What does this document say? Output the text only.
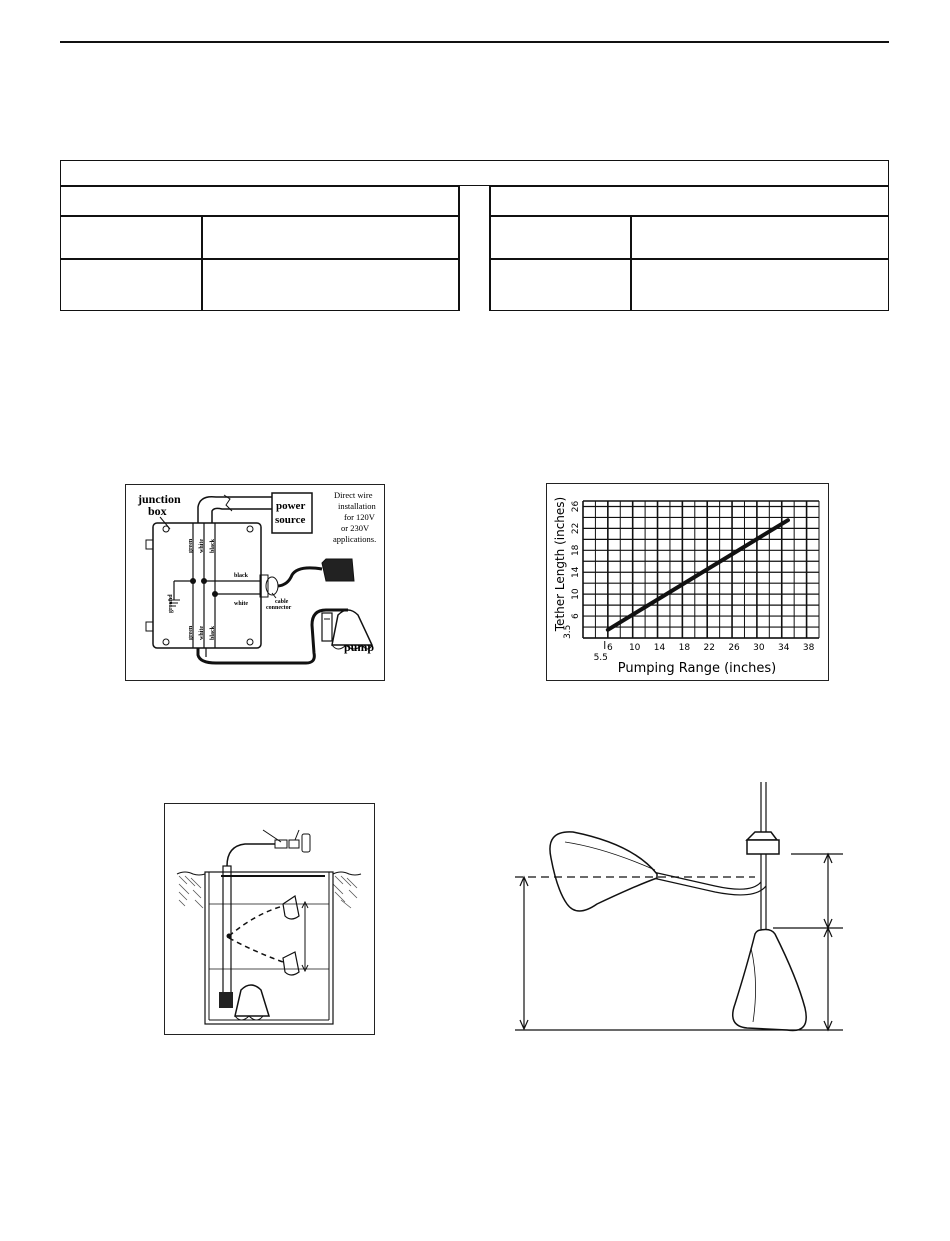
junction
box	power
source
Direct wire
installation
for 120V
or 230V
applications.
green white black
green white black
black
white
ground	cable
connector
pump	6 10 14 18 22 26 30 34 38
5.5
6
10
14
18
22
26
3.5
Pumping Range (inches)
Tether Length (inches)
